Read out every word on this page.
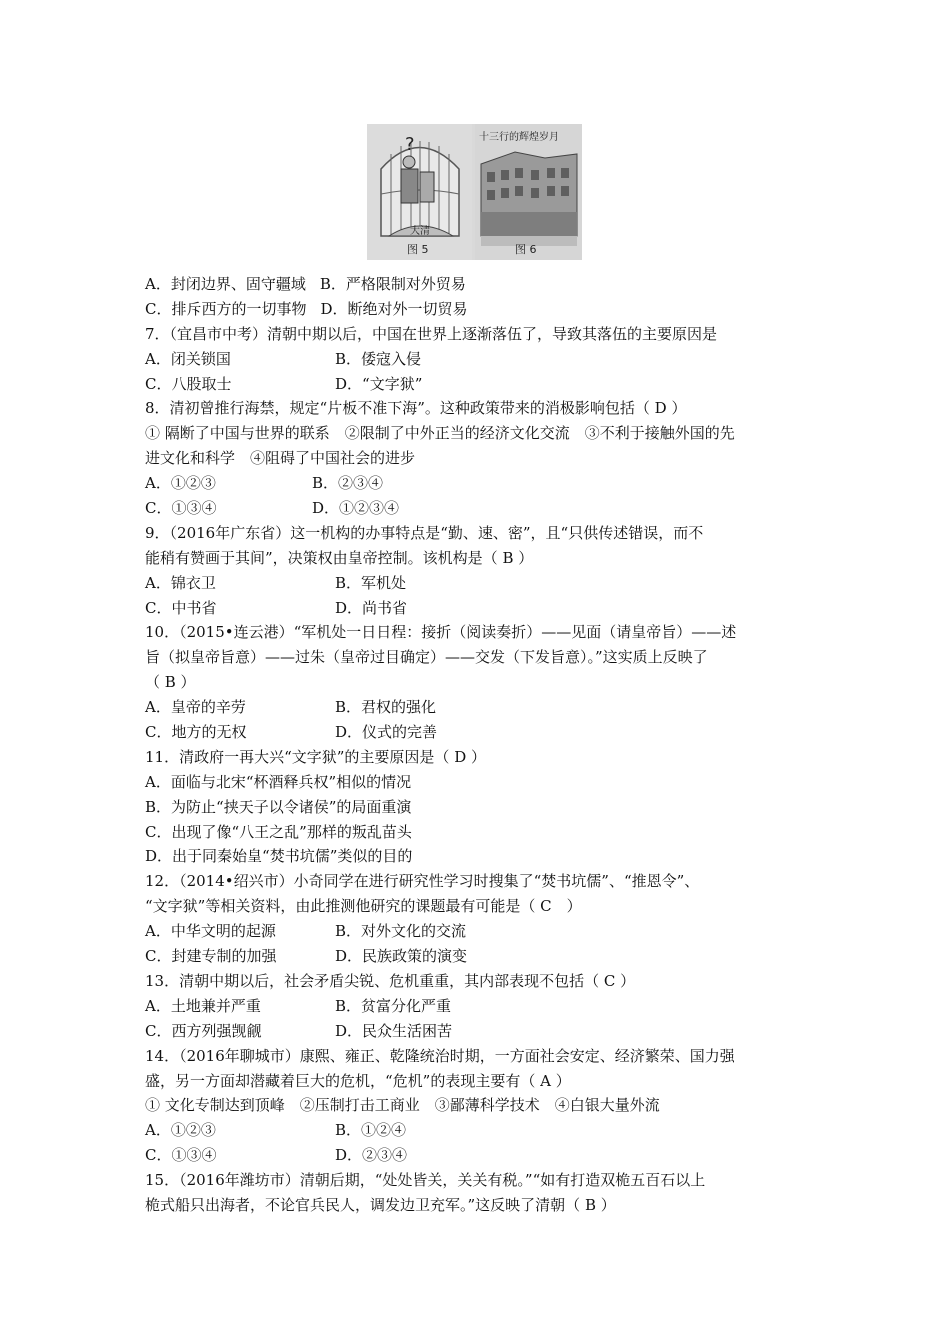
?
大清
图 5
十三行的辉煌岁月
图 6
A．封闭边界、固守疆域 B．严格限制对外贸易
C．排斥西方的一切事物 D．断绝对外一切贸易
7．（宜昌市中考）清朝中期以后，中国在世界上逐渐落伍了，导致其落伍的主要原因是
A．闭关锁国	B．倭寇入侵
C．八股取士	D．“文字狱”
8．清初曾推行海禁，规定“片板不准下海”。这种政策带来的消极影响包括（ D ）
① 隔断了中国与世界的联系　②限制了中外正当的经济文化交流　③不利于接触外国的先
进文化和科学　④阻碍了中国社会的进步
A．①②③	B．②③④
C．①③④	D．①②③④
9．（2016年广东省）这一机构的办事特点是“勤、速、密”，且“只供传述错误，而不
能稍有赞画于其间”，决策权由皇帝控制。该机构是（ B ）
A．锦衣卫	B．军机处
C．中书省	D．尚书省
10．（2015•连云港）“军机处一日日程：接折（阅读奏折）——见面（请皇帝旨）——述
旨（拟皇帝旨意）——过朱（皇帝过目确定）——交发（下发旨意）。”这实质上反映了
（ B ）
A．皇帝的辛劳	B．君权的强化
C．地方的无权	D．仪式的完善
11．清政府一再大兴“文字狱”的主要原因是（ D ）
A．面临与北宋“杯酒释兵权”相似的情况
B．为防止“挟天子以令诸侯”的局面重演
C．出现了像“八王之乱”那样的叛乱苗头
D．出于同秦始皇“焚书坑儒”类似的目的
12．（2014•绍兴市）小奇同学在进行研究性学习时搜集了“焚书坑儒”、“推恩令”、
“文字狱”等相关资料，由此推测他研究的课题最有可能是（ C　）
A．中华文明的起源	B．对外文化的交流
C．封建专制的加强	D．民族政策的演变
13．清朝中期以后，社会矛盾尖锐、危机重重，其内部表现不包括（ C ）
A．土地兼并严重	B．贫富分化严重
C．西方列强觊觎	D．民众生活困苦
14．（2016年聊城市）康熙、雍正、乾隆统治时期，一方面社会安定、经济繁荣、国力强
盛，另一方面却潜藏着巨大的危机，“危机”的表现主要有（ A ）
① 文化专制达到顶峰　②压制打击工商业　③鄙薄科学技术　④白银大量外流
A．①②③	B．①②④
C．①③④	D．②③④
15．（2016年潍坊市）清朝后期，“处处皆关，关关有税。”“如有打造双桅五百石以上
桅式船只出海者，不论官兵民人，调发边卫充军。”这反映了清朝（ B ）
